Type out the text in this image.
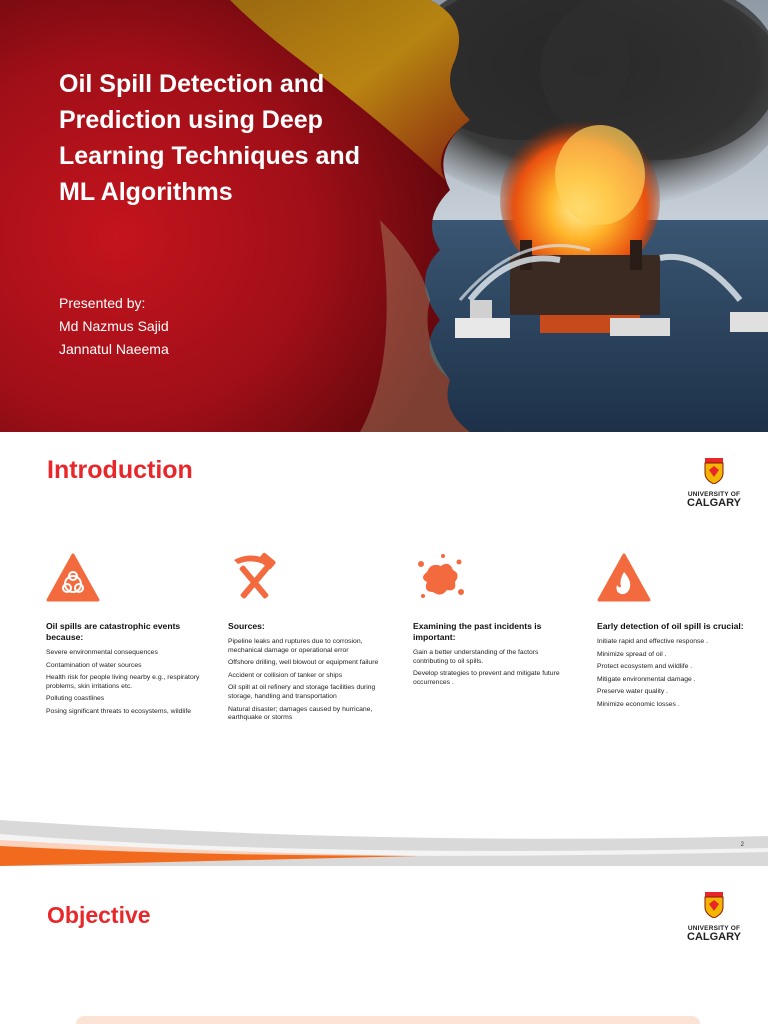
Oil Spill Detection and Prediction using Deep Learning Techniques and ML Algorithms
Presented by:
Md Nazmus Sajid
Jannatul Naeema
Introduction
UNIVERSITY OF
CALGARY
Oil spills are catastrophic events because:
Severe environmental consequences
Contamination of water sources
Health risk for people living nearby e.g., respiratory problems, skin irritations etc.
Polluting coastlines
Posing significant threats to ecosystems, wildlife
Sources:
Pipeline leaks and ruptures due to corrosion, mechanical damage or operational error
Offshore drilling, well blowout or equipment failure
Accident or collision of tanker or ships
Oil spill at oil refinery and storage facilities during storage, handling and transportation
Natural disaster; damages caused by hurricane, earthquake or storms
Examining the past incidents is important:
Gain a better understanding of the factors contributing to oil spills.
Develop strategies to prevent and mitigate future occurrences .
Early detection of oil spill is crucial:
Initiate rapid and effective response .
Minimize spread of oil .
Protect ecosystem and wildlife .
Mitigate environmental damage .
Preserve water quality .
Minimize economic losses .
2
Objective
UNIVERSITY OF
CALGARY
